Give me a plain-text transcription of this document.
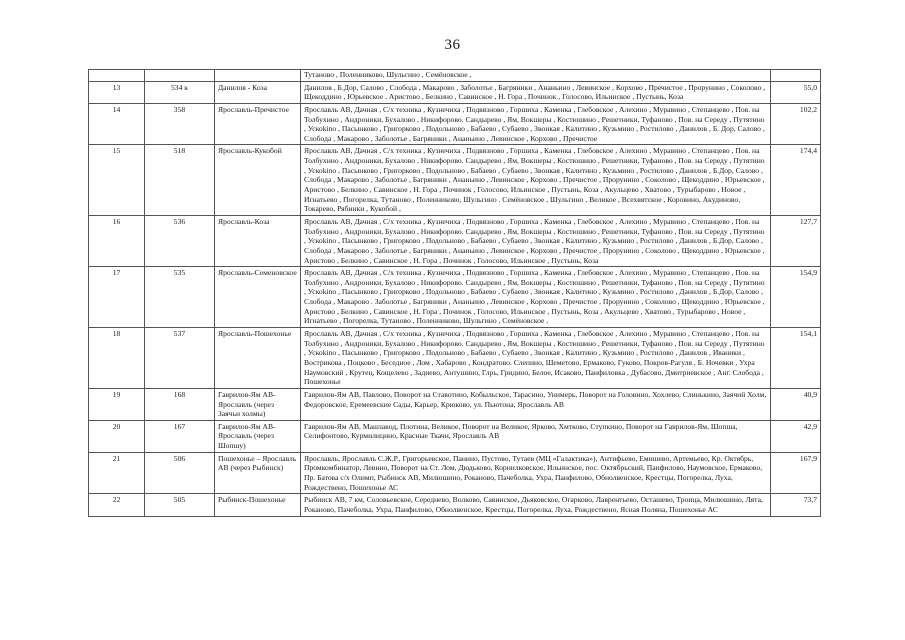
36
			Тутаново , Поленниково, Шульгино , Семёновское ,	
13	534 к	Данилов - Коза	Данилов , Б.Дор, Салово , Слобода , Макарово , Заболотье , Багряники , Ананьино , Левинское , Корхово , Пречистое , Прорунино , Соколово , Щекоддино , Юрьевское , Аристово , Белкино , Савинское , Н. Гора , Починок , Голосово, Ильинское , Пустынь, Коза	55,0
14	358	Ярославль-Пречистое	Ярославль АВ, Дачная , С/х техника , Кузнечиха , Подвязново , Горшиха , Каменка , Глебовское , Алехино , Муравино , Степанцево , Пов. на Толбухино , Андроники, Бухалово , Никифорово. Сандырево , Ям, Вокшеры , Костюшино , Решетники, Туфаново , Пов. на Середу , Путятино , Ускоkino , Пасынково , Григорково , Подольново , Бабаево , Субаево , Звонкая , Калитино , Кузьмино , Ростилово , Данилов , Б. Дор, Салово , Слобода , Макарово , Заболотье , Багряники , Ананьино , Левинское , Корхово , Пречистое	102,2
15	518	Ярославль-Кукобой	Ярославль АВ, Дачная , С/х техника , Кузнечиха , Подвязново , Горшиха , Каменка , Глебовское , Алехино , Муравино , Степанцево , Пов. на Толбухино , Андроники, Бухалово , Никифорово. Сандырево , Ям, Вокшеры , Костюшино , Решетники, Туфаново , Пов. на Середу , Путятино , Ускоkino , Пасынково , Григорково , Подольново , Бабаево , Субаево , Звонкая , Калитино , Кузьмино , Ростилово , Данилов , Б.Дор, Салово , Слобода , Макарово , Заболотье , Багряники , Ананьино , Левинское , Корхово , Пречистое , Прорунино , Соколово , Щекоддино , Юрьевское , Аристово , Белкино , Савинское , Н. Гора , Починок , Голосово, Ильинское , Пустынь, Коза , Акульцево , Хватово , Турыбарово , Новое , Игнатьево , Погорелка, Тутаново , Поленниково, Шульгино . Семёновское , Шульгино , Великое , Всехвятское , Коровино, Акудиново, Токарево, Рябинки , Кукобой ,	174,4
16	536	Ярославль-Коза	Ярославль АВ, Дачная , С/х техника , Кузнечиха , Подвязново , Горшиха , Каменка , Глебовское , Алехино , Муравино , Степанцево , Пов. на Толбухино , Андроники, Бухалово , Никифорово. Сандырево , Ям, Вокшеры , Костюшино , Решетники, Туфаново , Пов. на Середу , Путятино , Ускоkino , Пасынково , Григорково , Подольново , Бабаево , Субаево , Звонкая , Калитино , Кузьмино , Ростилово , Данилов , Б.Дор, Салово , Слобода , Макарово , Заболотье , Багряники , Ананьино , Левинское , Корхово , Пречистое , Прорунино , Соколово , Щекоддино , Юрьевское , Аристово , Белкино , Савинское , Н. Гора , Починок , Голосово, Ильинское , Пустынь, Коза	127,7
17	535	Ярославль-Семеновское	Ярославль АВ, Дачная , С/х техника , Кузнечиха , Подвязново , Горшиха , Каменка , Глебовское , Алехино , Муравино , Степанцево , Пов. на Толбухино , Андроники, Бухалово , Никифорово. Сандырево , Ям, Вокшеры , Костюшино , Решетники, Туфаново , Пов. на Середу , Путятино , Ускоkino , Пасынково , Григорково , Подольново , Бабаево , Субаево , Звонкая , Калитино , Кузьмино , Ростилово , Данилов , Б.Дор, Салово , Слобода , Макарово . Заболотье , Багряники , Ананьино , Левинское , Корхово , Пречистое , Прорунино , Соколово , Щекоддино , Юрьевское , Аристово , Белкино , Савинское , Н. Гора , Починок , Голосово, Ильинское , Пустынь, Коза , Акульцево , Хватово , Турыбарово , Новое , Игнатьево , Погорелка, Тутаново , Поленниково, Шульгино , Семёновское ,	154,9
18	537	Ярославль-Пошехонье	Ярославль АВ, Дачная , С/х техника , Кузнечиха , Подвязново , Горшиха , Каменка , Глебовское , Алехино , Муравино , Степанцево , Пов. на Толбухино , Андроники, Бухалово , Никифорово. Сандырево , Ям, Вокшеры , Костюшино , Решетники, Туфаново , Пов. на Середу , Путятино , Ускоkino , Пасынково , Григорково , Подольново , Бабаево , Субаево , Звонкая , Калитино , Кузьмино , Ростилово , Данилов , Иваники , Вострикова , Поцково , Беседное , Лом , Хабарово , Кондратово. Слепино, Шеметово, Ермаково, Гуково, Покров-Рагуля , Б. Ночевки , Ухра Наумовский , Крутец, Кощелево , Задиево, Антушино, Глрь, Гридино, Белое, Исаково, Панфиловка , Дубасово, Дмитриевское , Анг. Слобода , Пошехонье	154,1
19	168	Гаврилов-Ям АВ-Ярославль (через Заячьи холмы)	Гаврилов-Ям АВ, Павлово, Поворот на Ставотино, Кобыльское, Тарасино, Унимерь, Поворот на Головино, Хохлево, Слинькино, Заячий Холм, Федоровское, Еремеевские Сады, Карьер, Крюково, ул. Пьютона, Ярославль АВ	40,9
20	167	Гаврилов-Ям АВ-Ярославль (через Шопшу)	Гаврилов-Ям АВ, Машзавод, Плотина, Великое, Поворот на Великое, Ярково, Хмтково, Ступкино, Поворот на Гаврилов-Ям, Шопша, Селифонтово, Курмилицино, Красные Ткачи, Ярославль АВ	42,9
21	506	Пошехонье – Ярославль АВ (через Рыбинск)	Ярославль, Ярославль С.Ж.Р., Григорьевское, Панино, Пустово, Тутаев (МЦ «Галактика»), Антифьево, Емишево, Артемьево, Кр. Октябрь, Промкомбинатор, Левино, Поворот на Ст. Лом, Дюдьково, Корнилковское, Ильинское, пос. Октябрьский, Панфилово, Наумовское, Ермаково, Пр. Батова с/х Олимп, Рыбинск АВ, Милюшино, Роканово, Пачеболка, Ухра, Панфилово, Обнолвенское, Крестцы, Погорелка, Луха, Рождествено, Пошехонье АС	167,9
22	505	Рыбинск-Пошехонье	Рыбинск АВ, 7 км, Соловьевское, Середнево, Волково, Савинское, Дьяковское, Огарково, Лаврентьево, Осташево, Троица, Милюшино, Лята, Роканово, Пачеболка, Ухра, Панфилово, Обнолвенское, Крестцы, Погорелка, Луха, Рождествено, Ясная Поляна, Пошехонье АС	73,7
